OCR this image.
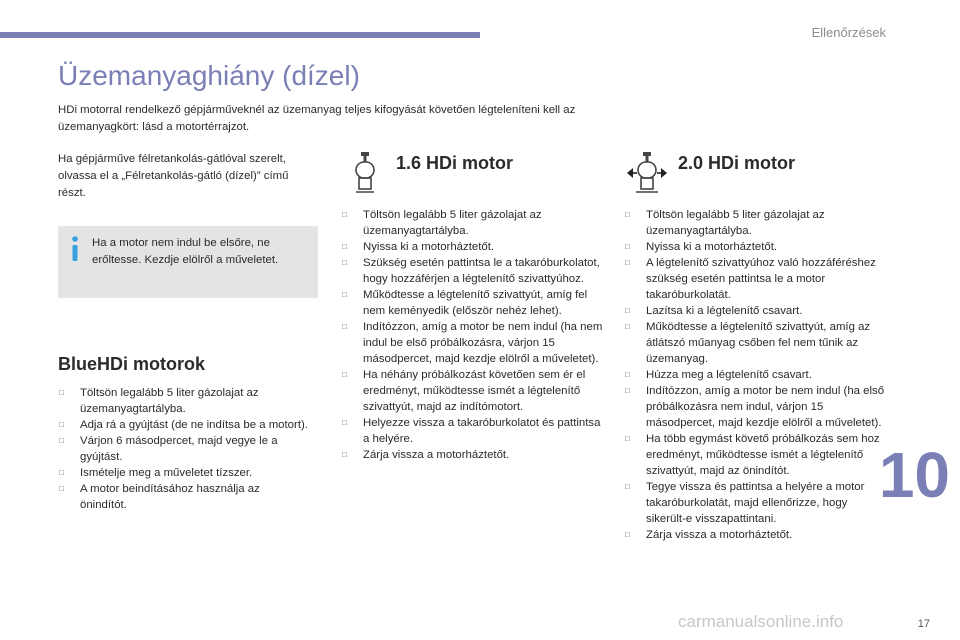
Ellenőrzések
Üzemanyaghiány (dízel)

HDi motorral rendelkező gépjárműveknél az üzemanyag teljes kifogyását követően légteleníteni kell az üzemanyagkört: lásd a motortérrajzot.

Ha gépjárműve félretankolás-gátlóval szerelt, olvassa el a „Félretankolás-gátló (dízel)” című részt.

Ha a motor nem indul be elsőre, ne erőltesse. Kezdje elölről a műveletet.

BlueHDi motorok
□ Töltsön legalább 5 liter gázolajat az üzemanyagtartályba.
□ Adja rá a gyújtást (de ne indítsa be a motort).
□ Várjon 6 másodpercet, majd vegye le a gyújtást.
□ Ismételje meg a műveletet tízszer.
□ A motor beindításához használja az önindítót.
1.6 HDi motor
□ Töltsön legalább 5 liter gázolajat az üzemanyagtartályba.
□ Nyissa ki a motorháztetőt.
□ Szükség esetén pattintsa le a takaróburkolatot, hogy hozzáférjen a légtelenítő szivattyúhoz.
□ Működtesse a légtelenítő szivattyút, amíg fel nem keményedik (először nehéz lehet).
□ Indítózzon, amíg a motor be nem indul (ha nem indul be első próbálkozásra, várjon 15 másodpercet, majd kezdje elölről a műveletet).
□ Ha néhány próbálkozást követően sem ér el eredményt, működtesse ismét a légtelenítő szivattyút, majd az indítómotort.
□ Helyezze vissza a takaróburkolatot és pattintsa a helyére.
□ Zárja vissza a motorháztetőt.
2.0 HDi motor
□ Töltsön legalább 5 liter gázolajat az üzemanyagtartályba.
□ Nyissa ki a motorháztetőt.
□ A légtelenítő szivattyúhoz való hozzáféréshez szükség esetén pattintsa le a motor takaróburkolatát.
□ Lazítsa ki a légtelenítő csavart.
□ Működtesse a légtelenítő szivattyút, amíg az átlátszó műanyag csőben fel nem tűnik az üzemanyag.
□ Húzza meg a légtelenítő csavart.
□ Indítózzon, amíg a motor be nem indul (ha első próbálkozásra nem indul, várjon 15 másodpercet, majd kezdje elölről a műveletet).
□ Ha több egymást követő próbálkozás sem hoz eredményt, működtesse ismét a légtelenítő szivattyút, majd az önindítót.
□ Tegye vissza és pattintsa a helyére a motor takaróburkolatát, majd ellenőrizze, hogy sikerült-e visszapattintani.
□ Zárja vissza a motorháztetőt.
10
carmanualsonline.info	17
